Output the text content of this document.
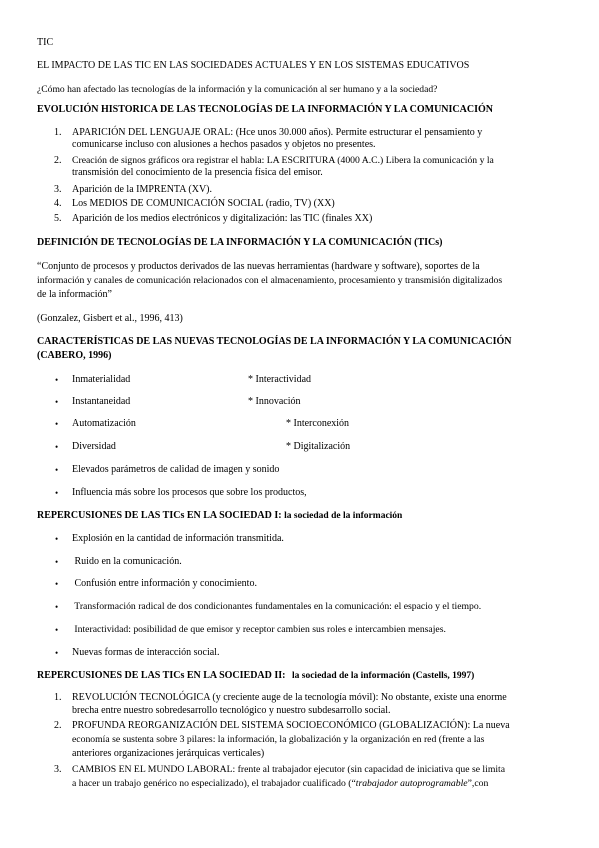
TIC
EL IMPACTO DE LAS TIC EN LAS SOCIEDADES ACTUALES Y EN LOS SISTEMAS EDUCATIVOS
¿Cómo han afectado las tecnologías de la información y la comunicación al ser humano y a la sociedad?
EVOLUCIÓN HISTORICA DE LAS TECNOLOGÍAS DE LA INFORMACIÓN Y LA COMUNICACIÓN
1. APARICIÓN DEL LENGUAJE ORAL: (Hce unos 30.000 años). Permite estructurar el pensamiento y
comunicarse incluso con alusiones a hechos pasados y objetos no presentes.
2. Creación de signos gráficos ora registrar el habla: LA ESCRITURA (4000 A.C.) Libera la comunicación y la
transmisión del conocimiento de la presencia física del emisor.
3. Aparición de la IMPRENTA (XV).
4. Los MEDIOS DE COMUNICACIÓN SOCIAL (radio, TV) (XX)
5. Aparición de los medios electrónicos y digitalización: las TIC (finales XX)
DEFINICIÓN DE TECNOLOGÍAS DE LA INFORMACIÓN Y LA COMUNICACIÓN (TICs)
“Conjunto de procesos y productos derivados de las nuevas herramientas (hardware y software), soportes de la
información y canales de comunicación relacionados con el almacenamiento, procesamiento y transmisión digitalizados
de la información”
(Gonzalez, Gisbert et al., 1996, 413)
CARACTERÍSTICAS DE LAS NUEVAS TECNOLOGÍAS DE LA INFORMACIÓN Y LA COMUNICACIÓN
(CABERO, 1996)
• Inmaterialidad	* Interactividad
• Instantaneidad	* Innovación
• Automatización	* Interconexión
• Diversidad	* Digitalización
• Elevados parámetros de calidad de imagen y sonido
• Influencia más sobre los procesos que sobre los productos,
REPERCUSIONES DE LAS TICs EN LA SOCIEDAD I: la sociedad de la información
• Explosión en la cantidad de información transmitida.
• Ruido en la comunicación.
• Confusión entre información y conocimiento.
• Transformación radical de dos condicionantes fundamentales en la comunicación: el espacio y el tiempo.
• Interactividad: posibilidad de que emisor y receptor cambien sus roles e intercambien mensajes.
• Nuevas formas de interacción social.
REPERCUSIONES DE LAS TICs EN LA SOCIEDAD II: la sociedad de la información (Castells, 1997)
1. REVOLUCIÓN TECNOLÓGICA (y creciente auge de la tecnología móvil): No obstante, existe una enorme
brecha entre nuestro sobredesarrollo tecnológico y nuestro subdesarrollo social.
2. PROFUNDA REORGANIZACIÓN DEL SISTEMA SOCIOECONÓMICO (GLOBALIZACIÓN): La nueva
economía se sustenta sobre 3 pilares: la información, la globalización y la organización en red (frente a las
anteriores organizaciones jerárquicas verticales)
3. CAMBIOS EN EL MUNDO LABORAL: frente al trabajador ejecutor (sin capacidad de iniciativa que se limita
a hacer un trabajo genérico no especializado), el trabajador cualificado (“trabajador autoprogramable”,con
